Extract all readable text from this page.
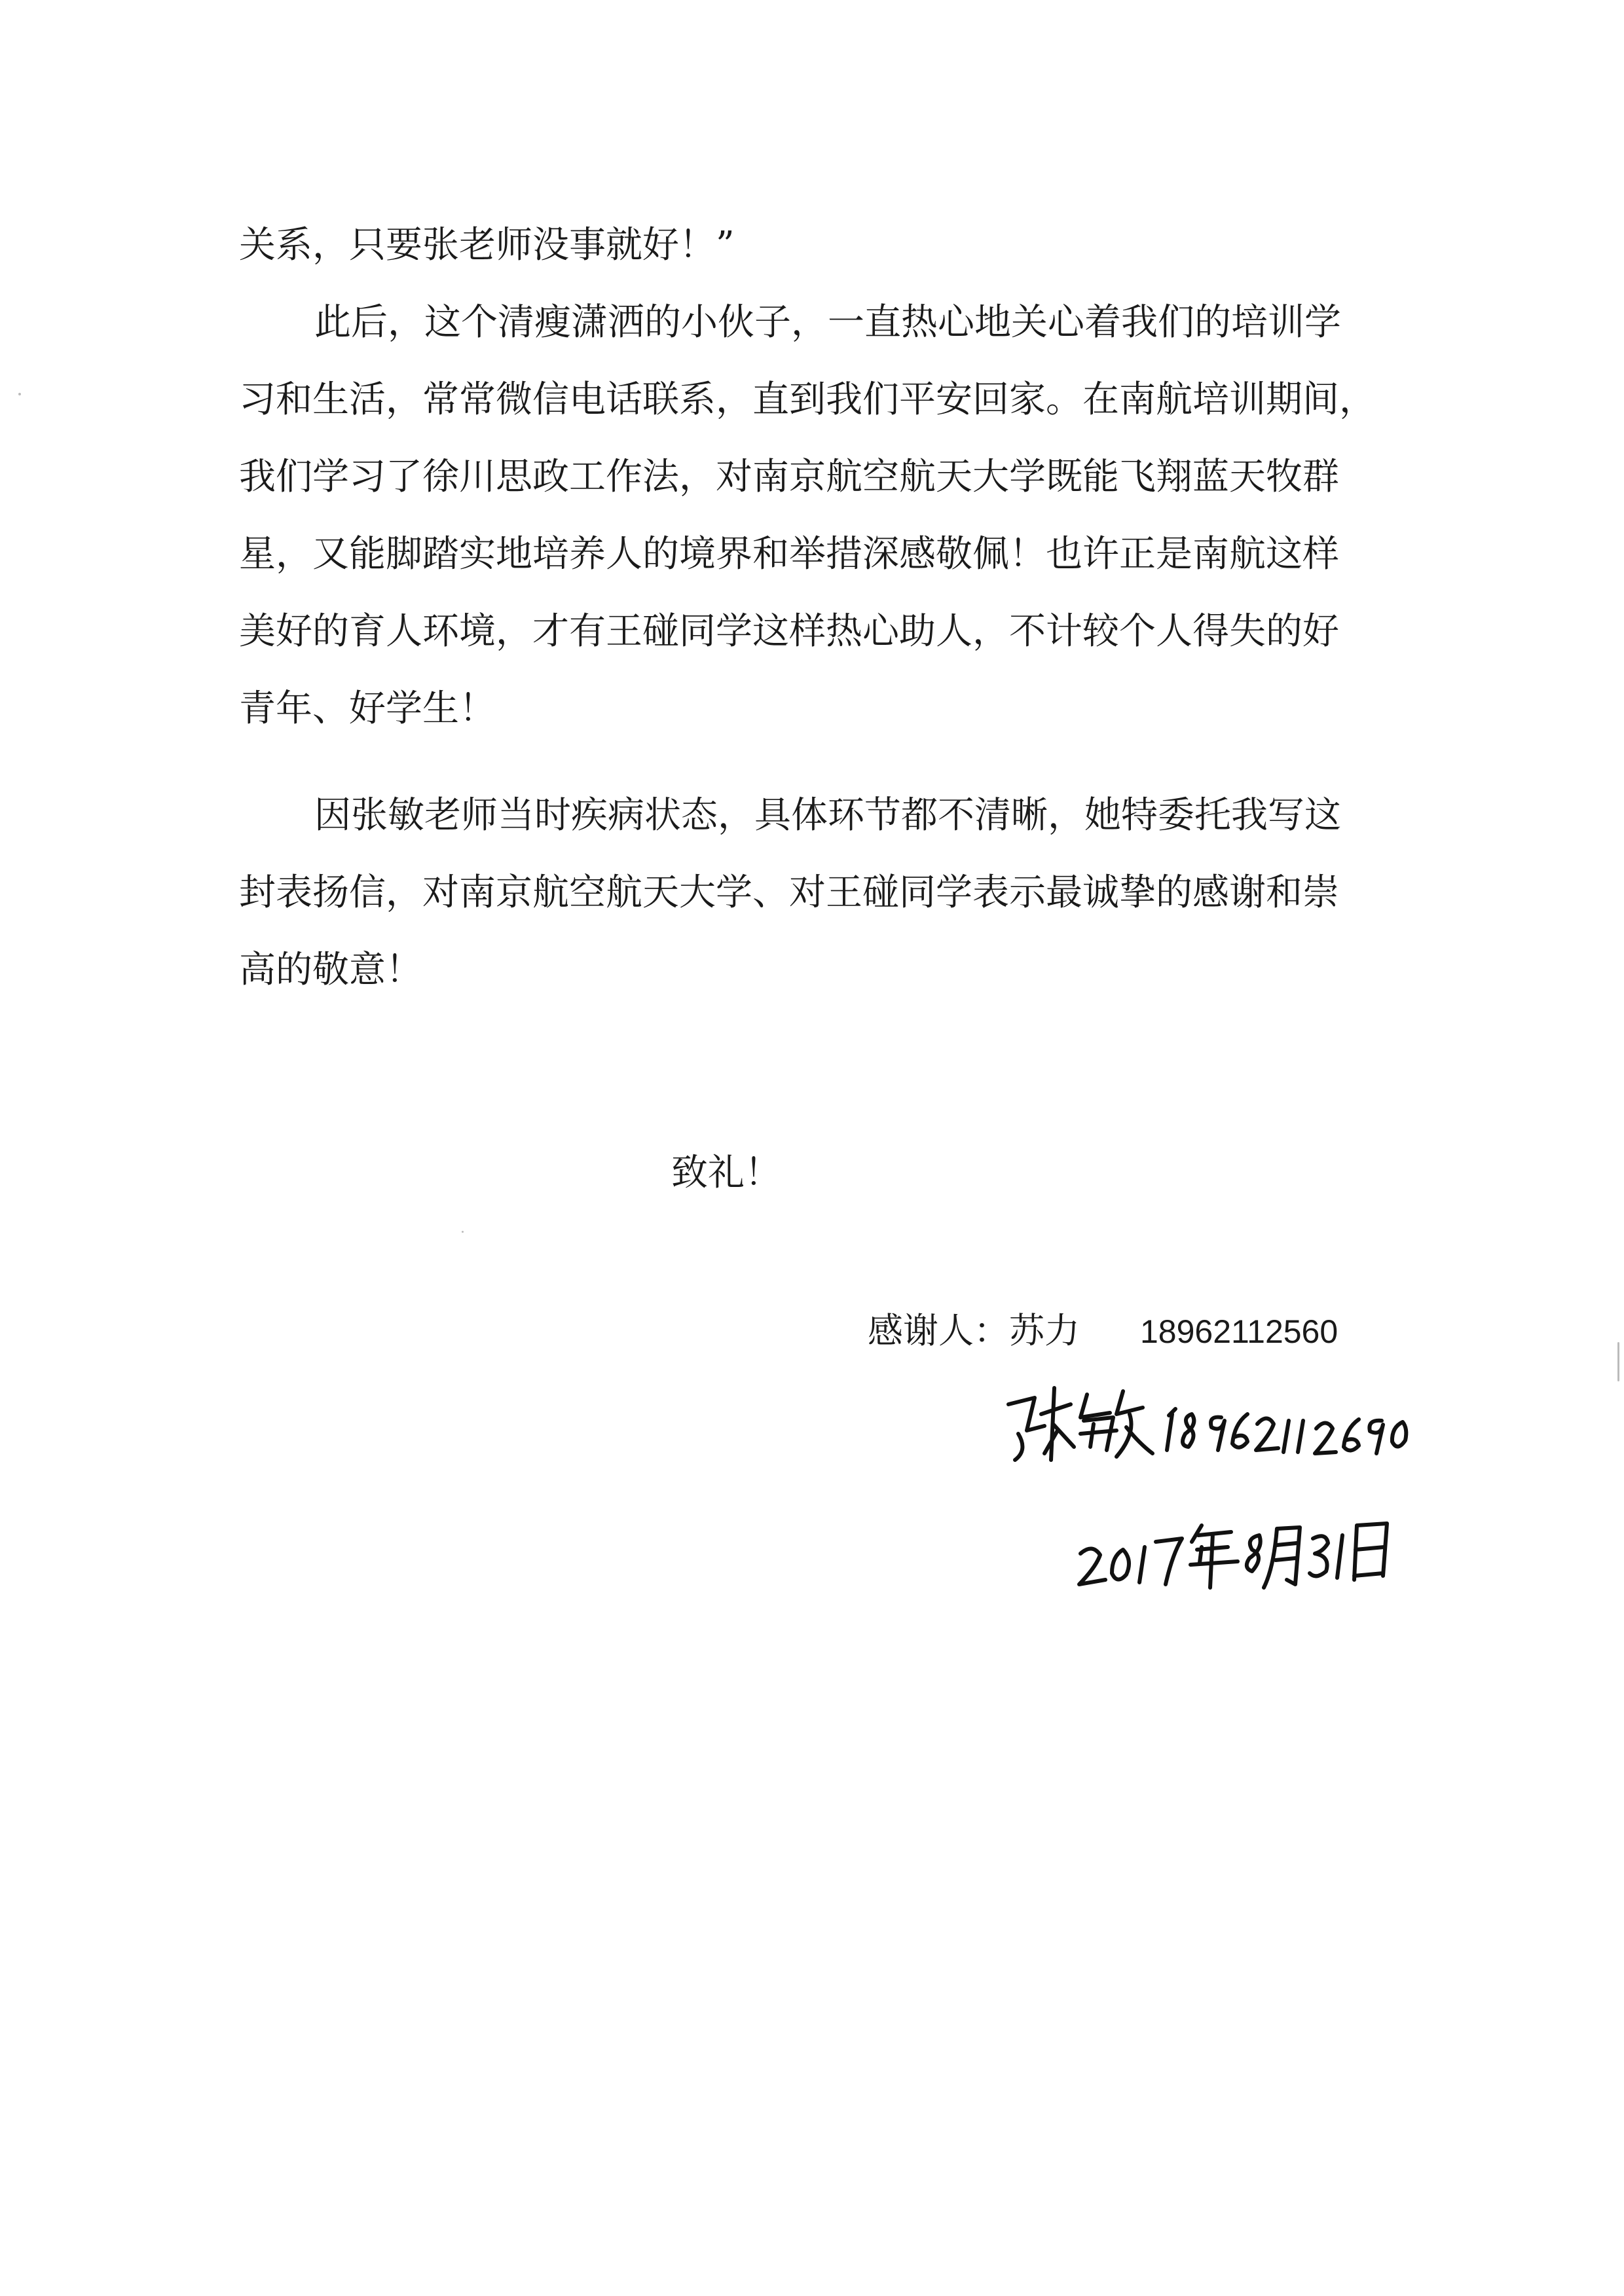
关系，只要张老师没事就好！”
此后，这个清瘦潇洒的小伙子，一直热心地关心着我们的培训学
习和生活，常常微信电话联系，直到我们平安回家。在南航培训期间，
我们学习了徐川思政工作法，对南京航空航天大学既能飞翔蓝天牧群
星，又能脚踏实地培养人的境界和举措深感敬佩！也许正是南航这样
美好的育人环境，才有王碰同学这样热心助人，不计较个人得失的好
青年、好学生！
因张敏老师当时疾病状态，具体环节都不清晰，她特委托我写这
封表扬信，对南京航空航天大学、对王碰同学表示最诚挚的感谢和崇
高的敬意！
致礼！
感谢人：苏力 18962112560
